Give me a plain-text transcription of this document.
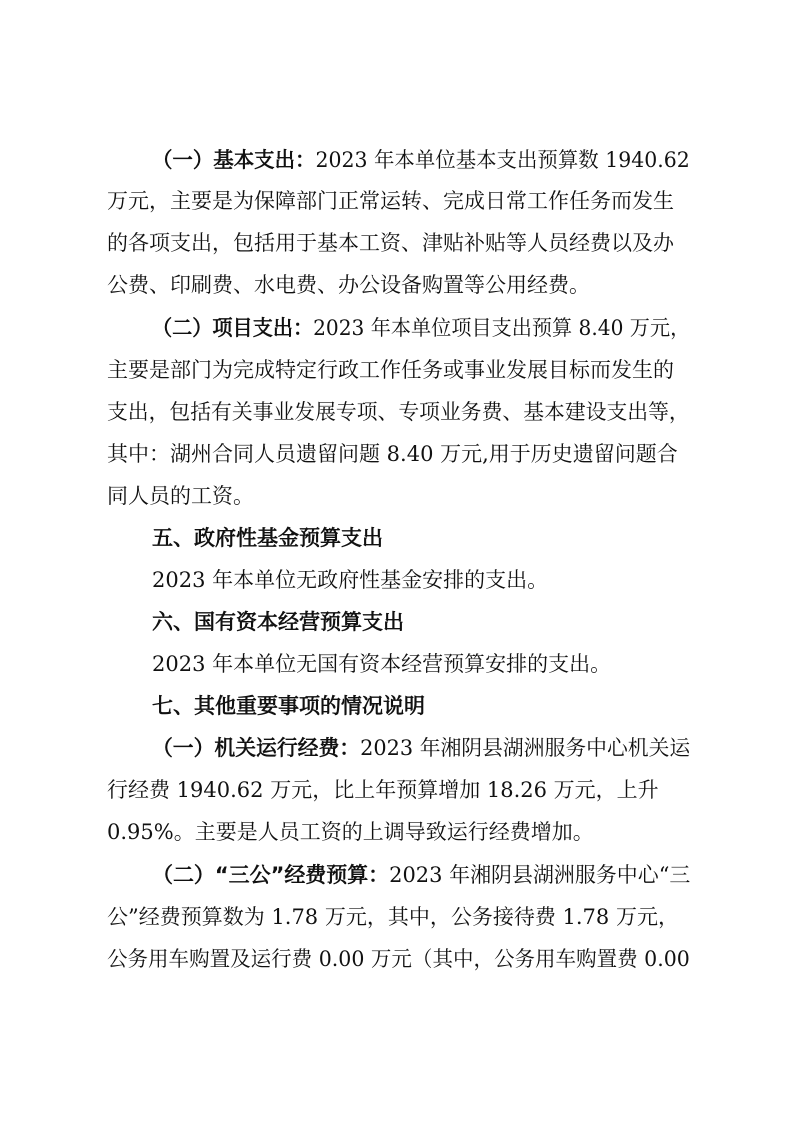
（一）基本支出：2023 年本单位基本支出预算数 1940.62
万元，主要是为保障部门正常运转、完成日常工作任务而发生
的各项支出，包括用于基本工资、津贴补贴等人员经费以及办
公费、印刷费、水电费、办公设备购置等公用经费。
（二）项目支出：2023 年本单位项目支出预算 8.40 万元，
主要是部门为完成特定行政工作任务或事业发展目标而发生的
支出，包括有关事业发展专项、专项业务费、基本建设支出等，
其中：湖州合同人员遗留问题 8.40 万元,用于历史遗留问题合
同人员的工资。
五、政府性基金预算支出
2023 年本单位无政府性基金安排的支出。
六、国有资本经营预算支出
2023 年本单位无国有资本经营预算安排的支出。
七、其他重要事项的情况说明
（一）机关运行经费：2023 年湘阴县湖洲服务中心机关运
行经费 1940.62 万元，比上年预算增加 18.26 万元，上升
0.95%。主要是人员工资的上调导致运行经费增加。
（二）“三公”经费预算：2023 年湘阴县湖洲服务中心“三
公”经费预算数为 1.78 万元，其中，公务接待费 1.78 万元，
公务用车购置及运行费 0.00 万元（其中，公务用车购置费 0.00
